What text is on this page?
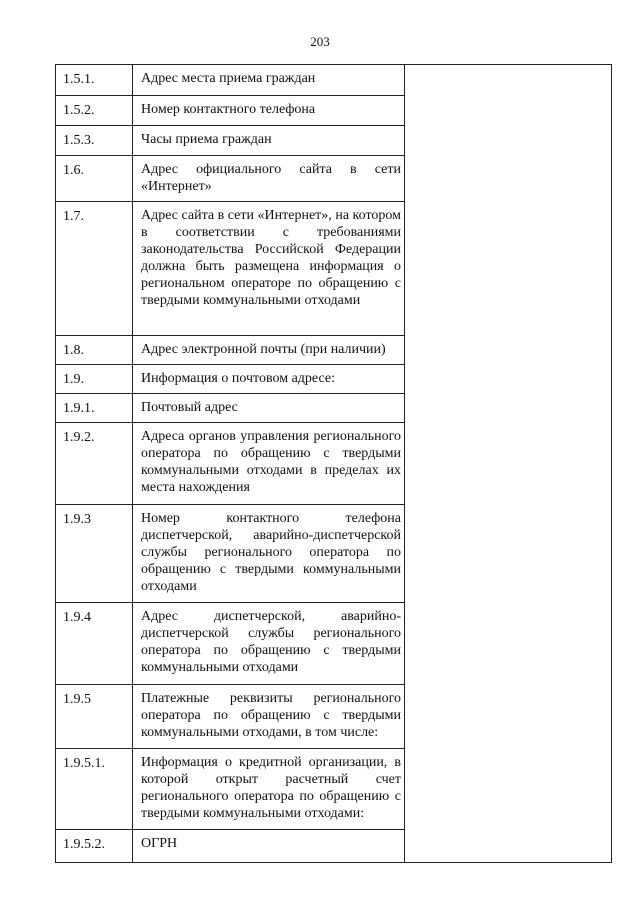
203
1.5.1.	Адрес места приема граждан	
1.5.2.	Номер контактного телефона	
1.5.3.	Часы приема граждан	
1.6.	Адрес официального сайта в сети «Интернет»	
1.7.	Адрес сайта в сети «Интернет», на котором в соответствии с требованиями законодательства Российской Федерации должна быть размещена информация о региональном операторе по обращению с твердыми коммунальными отходами	
1.8.	Адрес электронной почты (при наличии)	
1.9.	Информация о почтовом адресе:	
1.9.1.	Почтовый адрес	
1.9.2.	Адреса органов управления регионального оператора по обращению с твердыми коммунальными отходами в пределах их места нахождения	
1.9.3	Номер контактного телефона диспетчерской, аварийно-диспетчерской службы регионального оператора по обращению с твердыми коммунальными отходами	
1.9.4	Адрес диспетчерской, аварийно-диспетчерской службы регионального оператора по обращению с твердыми коммунальными отходами	
1.9.5	Платежные реквизиты регионального оператора по обращению с твердыми коммунальными отходами, в том числе:	
1.9.5.1.	Информация о кредитной организации, в которой открыт расчетный счет регионального оператора по обращению с твердыми коммунальными отходами:	
1.9.5.2.	ОГРН	
